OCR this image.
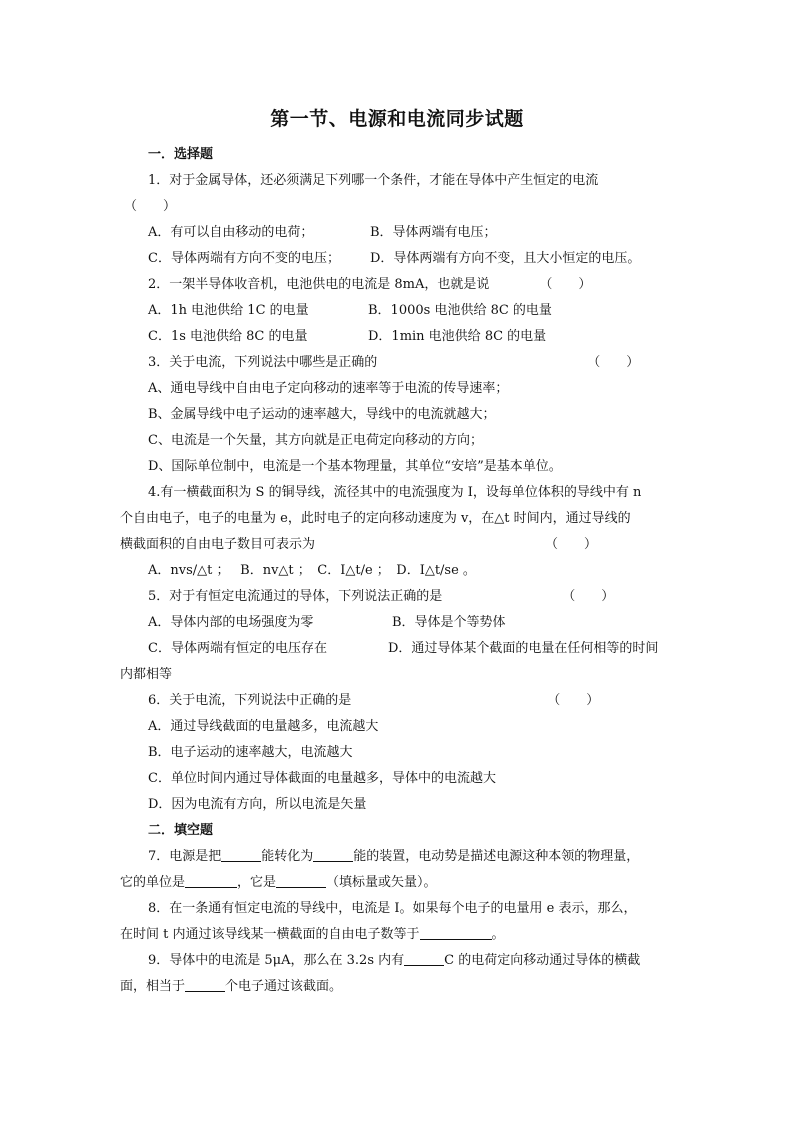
第一节、电源和电流同步试题
一．选择题
1．对于金属导体，还必须满足下列哪一个条件，才能在导体中产生恒定的电流
（　　）
A．有可以自由移动的电荷；	B．导体两端有电压；
C．导体两端有方向不变的电压；	D．导体两端有方向不变，且大小恒定的电压。
2．一架半导体收音机，电池供电的电流是 8mA，也就是说	（　　）
A．1h 电池供给 1C 的电量	B．1000s 电池供给 8C 的电量
C．1s 电池供给 8C 的电量	D．1min 电池供给 8C 的电量
3．关于电流，下列说法中哪些是正确的	（　　）
A、通电导线中自由电子定向移动的速率等于电流的传导速率；
B、金属导线中电子运动的速率越大，导线中的电流就越大；
C、电流是一个矢量，其方向就是正电荷定向移动的方向；
D、国际单位制中，电流是一个基本物理量，其单位“安培”是基本单位。
4.有一横截面积为 S 的铜导线，流径其中的电流强度为 I，设每单位体积的导线中有 n
个自由电子，电子的电量为 e，此时电子的定向移动速度为 v，在△t 时间内，通过导线的
横截面积的自由电子数目可表示为	（　　）
A．nvs/△t ；　 B．nv△t ；　C．I△t/e ；　D．I△t/se 。
5．对于有恒定电流通过的导体，下列说法正确的是	（　　）
A．导体内部的电场强度为零	B．导体是个等势体
C．导体两端有恒定的电压存在	D．通过导体某个截面的电量在任何相等的时间
内都相等
6．关于电流，下列说法中正确的是	（　　）
A．通过导线截面的电量越多，电流越大
B．电子运动的速率越大，电流越大
C．单位时间内通过导体截面的电量越多，导体中的电流越大
D．因为电流有方向，所以电流是矢量
二．填空题
7．电源是把	能转化为	能的装置，电动势是描述电源这种本领的物理量，
它的单位是	，它是	（填标量或矢量）。
8．在一条通有恒定电流的导线中，电流是 I。如果每个电子的电量用 e 表示，那么，
在时间 t 内通过该导线某一横截面的自由电子数等于	。
9．导体中的电流是 5μA，那么在 3.2s 内有	C 的电荷定向移动通过导体的横截
面，相当于	个电子通过该截面。
